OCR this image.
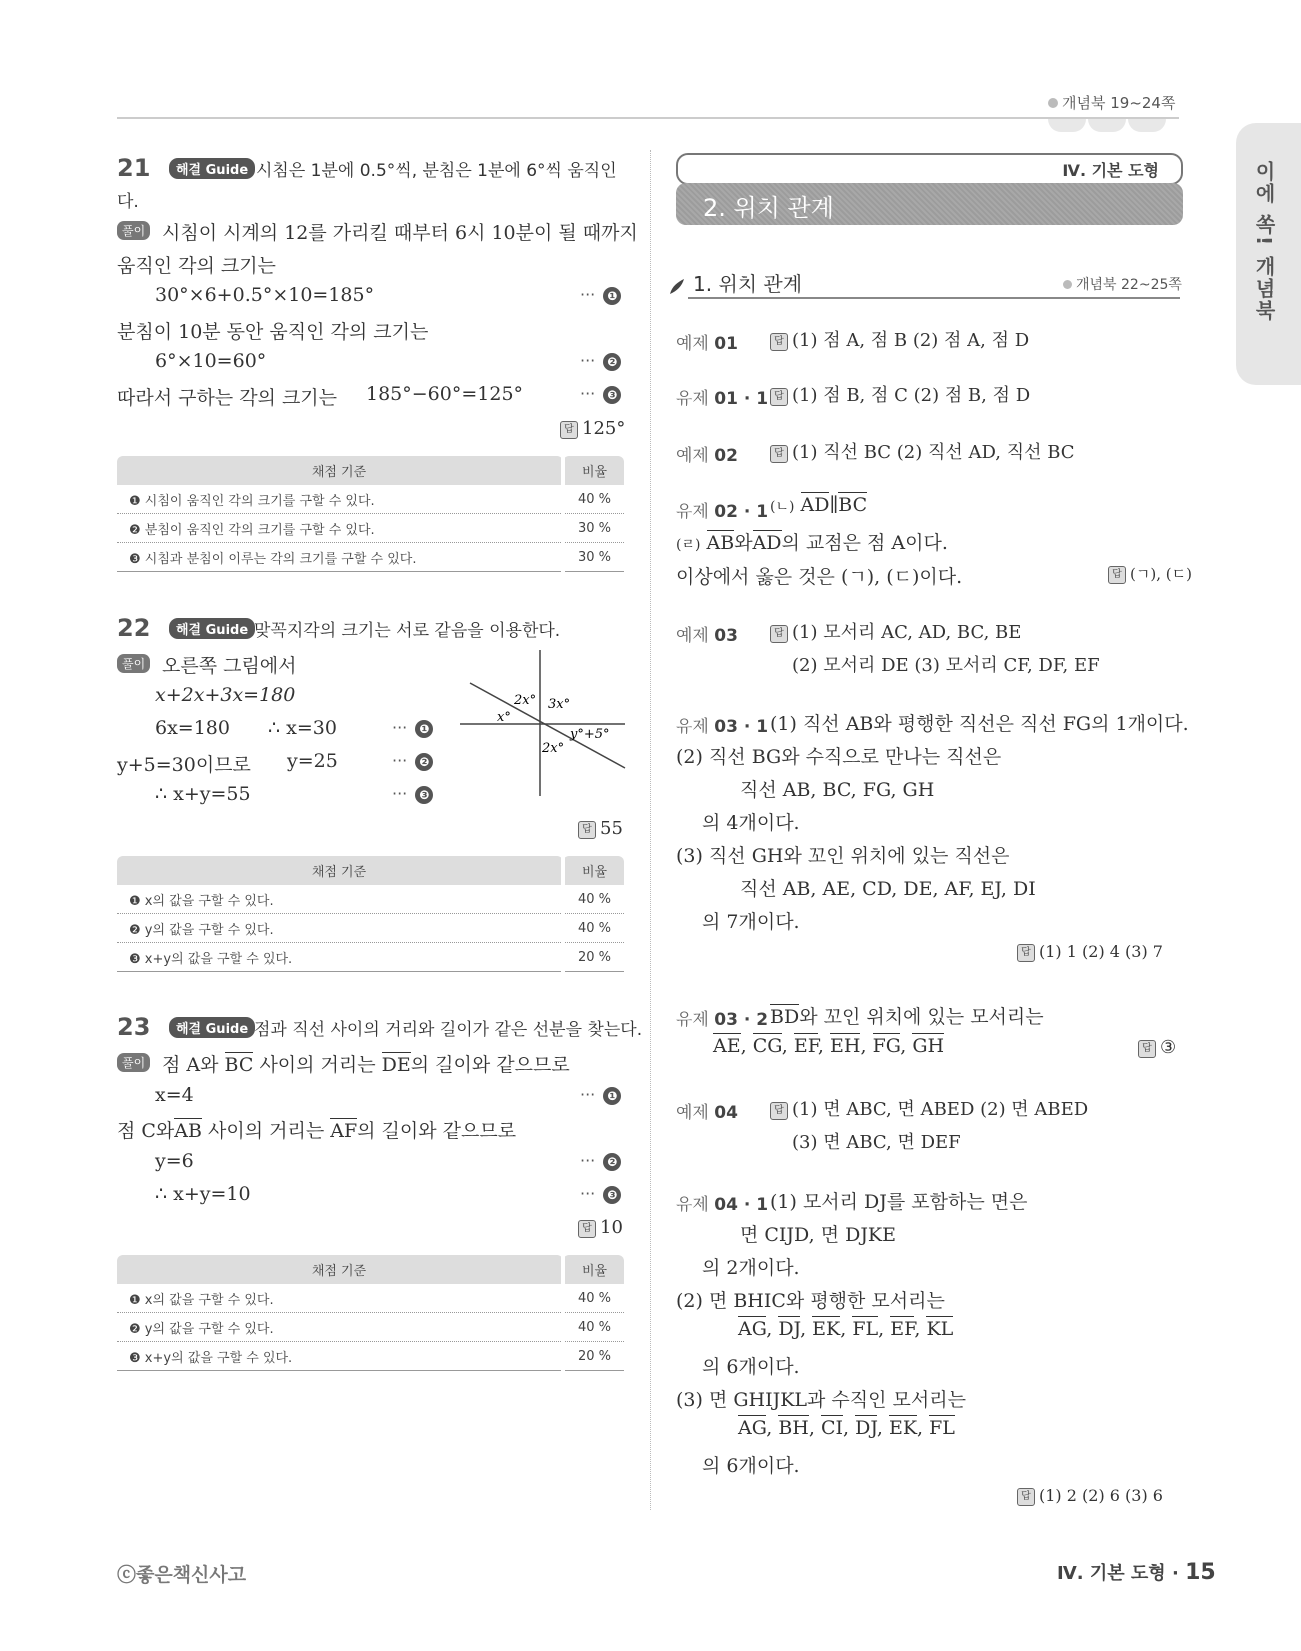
개념북 19~24쪽
이에 쏙! 개념북
21	해결 Guide 시침은 1분에 0.5°씩, 분침은 1분에 6°씩 움직인
다.
풀이 시침이 시계의 12를 가리킬 때부터 6시 10분이 될 때까지
움직인 각의 크기는
30°×6+0.5°×10=185°	··· ❶
분침이 10분 동안 움직인 각의 크기는
6°×10=60°	··· ❷
따라서 구하는 각의 크기는 185°−60°=125°	··· ❸
답 125°
채점 기준	비율
❶ 시침이 움직인 각의 크기를 구할 수 있다.	40 %
❷ 분침이 움직인 각의 크기를 구할 수 있다.	30 %
❸ 시침과 분침이 이루는 각의 크기를 구할 수 있다.	30 %
22	해결 Guide 맞꼭지각의 크기는 서로 같음을 이용한다.
풀이 오른쪽 그림에서
x+2x+3x=180
6x=180 ∴ x=30	··· ❶
y+5=30이므로 y=25	··· ❷
∴ x+y=55	··· ❸
2x° 3x°
x°
y°+5°
2x°
답 55
채점 기준	비율
❶ x의 값을 구할 수 있다.	40 %
❷ y의 값을 구할 수 있다.	40 %
❸ x+y의 값을 구할 수 있다.	20 %
23	해결 Guide 점과 직선 사이의 거리와 길이가 같은 선분을 찾는다.
풀이 점 A와 BC 사이의 거리는 DE의 길이와 같으므로
x=4	··· ❶
점 C와AB 사이의 거리는 AF의 길이와 같으므로
y=6	··· ❷
∴ x+y=10	··· ❸
답 10
채점 기준	비율
❶ x의 값을 구할 수 있다.	40 %
❷ y의 값을 구할 수 있다.	40 %
❸ x+y의 값을 구할 수 있다.	20 %
Ⅳ. 기본 도형
2. 위치 관계
1. 위치 관계	개념북 22~25쪽
예제 01	답 (1) 점 A, 점 B (2) 점 A, 점 D
유제 01 · 1 답 (1) 점 B, 점 C (2) 점 B, 점 D
예제 02	답 (1) 직선 BC (2) 직선 AD, 직선 BC
유제 02 · 1 (ㄴ) AD∥BC
(ㄹ) AB와AD의 교점은 점 A이다.
이상에서 옳은 것은 (ㄱ), (ㄷ)이다.	답 (ㄱ), (ㄷ)
예제 03	답 (1) 모서리 AC, AD, BC, BE
(2) 모서리 DE (3) 모서리 CF, DF, EF
유제 03 · 1 (1) 직선 AB와 평행한 직선은 직선 FG의 1개이다.
(2) 직선 BG와 수직으로 만나는 직선은
직선 AB, BC, FG, GH
의 4개이다.
(3) 직선 GH와 꼬인 위치에 있는 직선은
직선 AB, AE, CD, DE, AF, EJ, DI
의 7개이다.
답 (1) 1 (2) 4 (3) 7
유제 03 · 2 BD와 꼬인 위치에 있는 모서리는
AE, CG, EF, EH, FG, GH	답 ③
예제 04	답 (1) 면 ABC, 면 ABED (2) 면 ABED
(3) 면 ABC, 면 DEF
유제 04 · 1 (1) 모서리 DJ를 포함하는 면은
면 CIJD, 면 DJKE
의 2개이다.
(2) 면 BHIC와 평행한 모서리는
AG, DJ, EK, FL, EF, KL
의 6개이다.
(3) 면 GHIJKL과 수직인 모서리는
AG, BH, CI, DJ, EK, FL
의 6개이다.
답 (1) 2 (2) 6 (3) 6
ⓒ좋은책신사고	Ⅳ. 기본 도형 · 15
